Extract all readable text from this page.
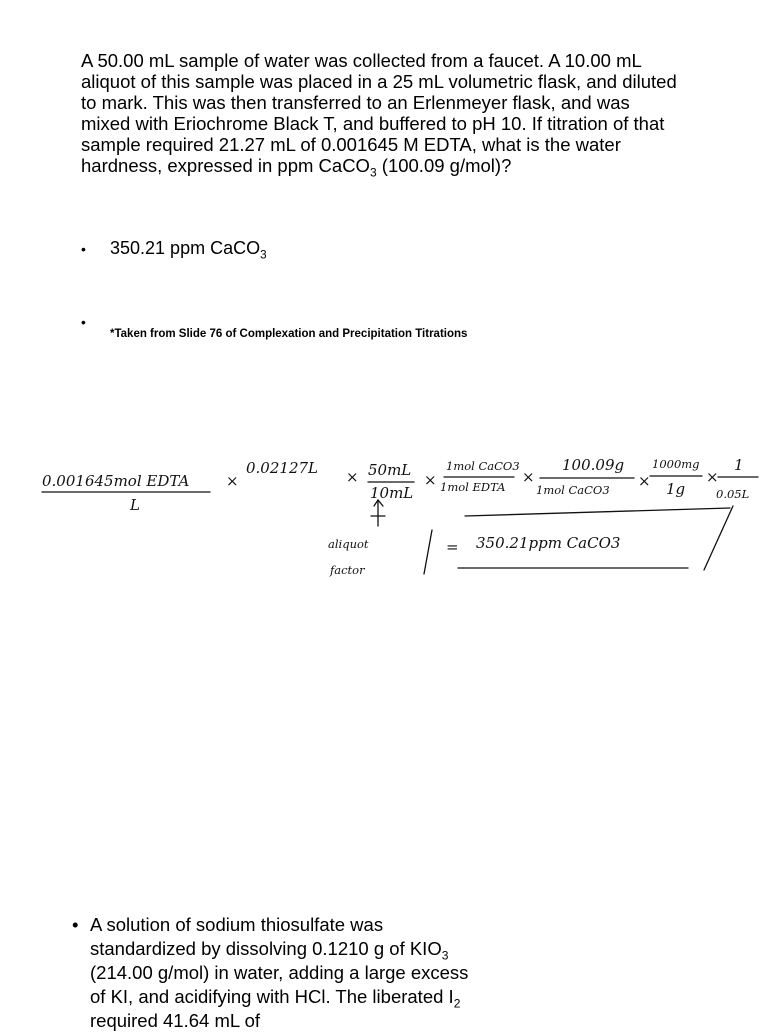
A 50.00 mL sample of water was collected from a faucet. A 10.00 mL aliquot of this sample was placed in a 25 mL volumetric flask, and diluted to mark. This was then transferred to an Erlenmeyer flask, and was mixed with Eriochrome Black T, and buffered to pH 10. If titration of that sample required 21.27 mL of 0.001645 M EDTA, what is the water hardness, expressed in ppm CaCO$_3$ (100.09 g/mol)?

•	350.21 ppm CaCO$_3$
•
*Taken from Slide 76 of Complexation and Precipitation Titrations
0.001645mol EDTA
L
×
0.02127L × 50mL
10mL
×
1mol CaCO3
1mol EDTA
×
100.09g
1mol CaCO3 ×
1000mg
1g
×
1
0.05L
aliquot
factor
= 350.21ppm CaCO3
• A solution of sodium thiosulfate was standardized by dissolving 0.1210 g of $KIO_3$ (214.00 g/mol) in water, adding a large excess of KI, and acidifying with HCl. The liberated $I_2$ required 41.64 mL of
